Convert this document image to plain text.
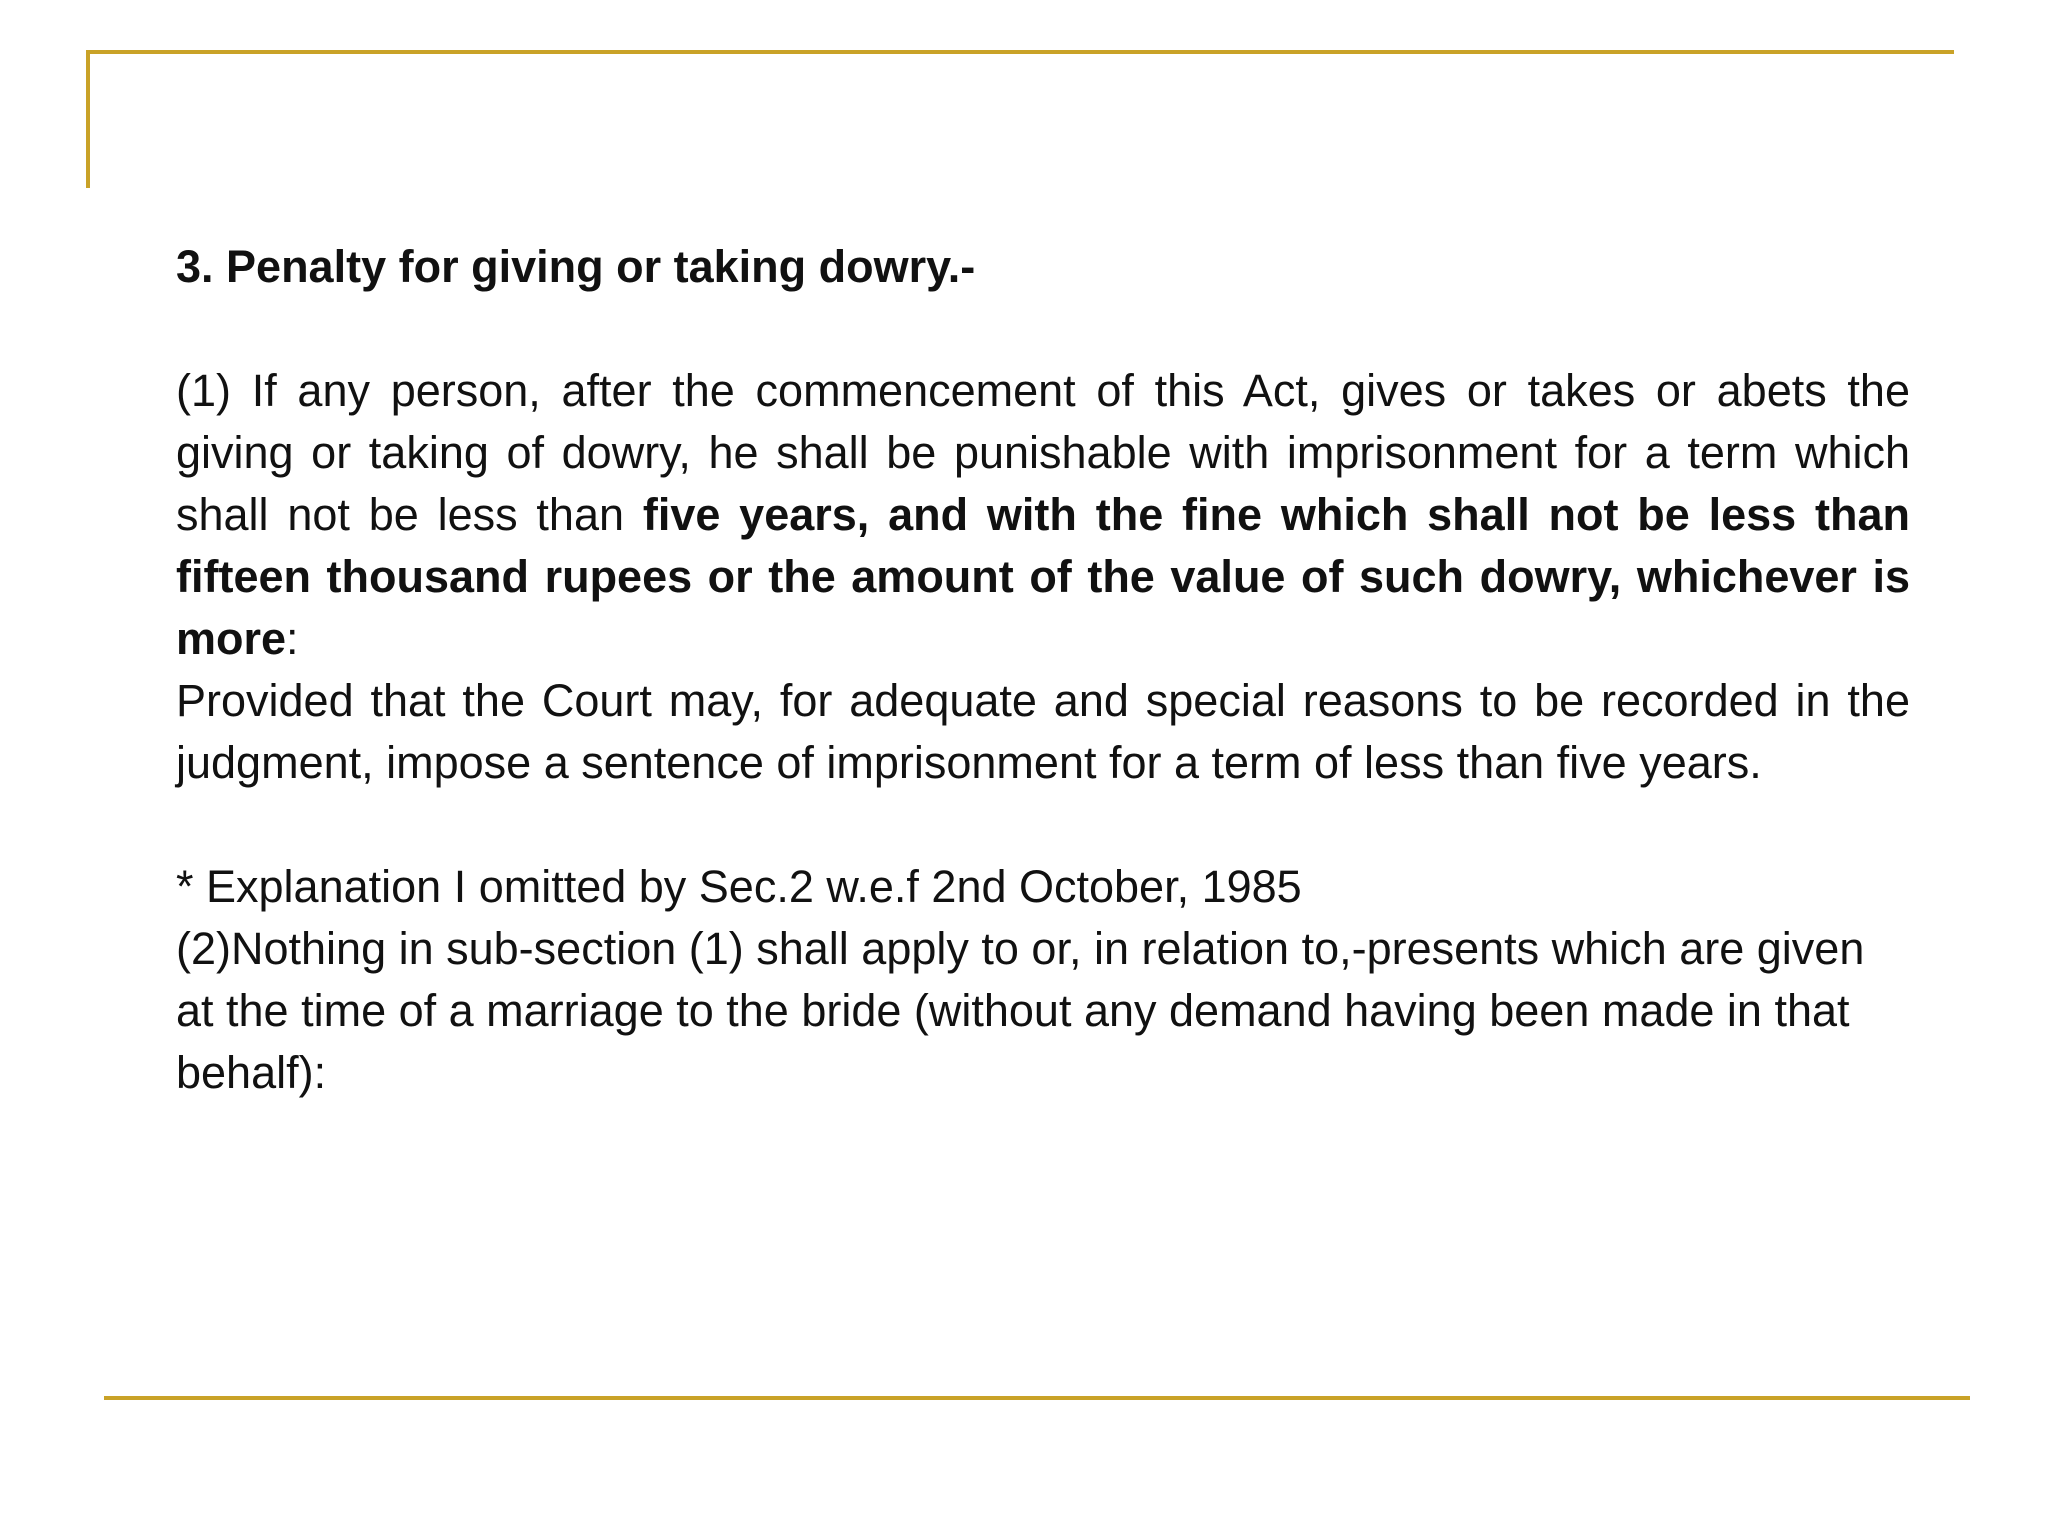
3. Penalty for giving or taking dowry.-

(1) If any person, after the commencement of this Act, gives or takes or abets the giving or taking of dowry, he shall be punishable with imprisonment for a term which shall not be less than five years, and with the fine which shall not be less than fifteen thousand rupees or the amount of the value of such dowry, whichever is more:

Provided that the Court may, for adequate and special reasons to be recorded in the judgment, impose a sentence of imprisonment for a term of less than five years.

* Explanation I omitted by Sec.2 w.e.f 2nd October, 1985

(2)Nothing in sub-section (1) shall apply to or, in relation to,-presents which are given at the time of a marriage to the bride (without any demand having been made in that behalf):
